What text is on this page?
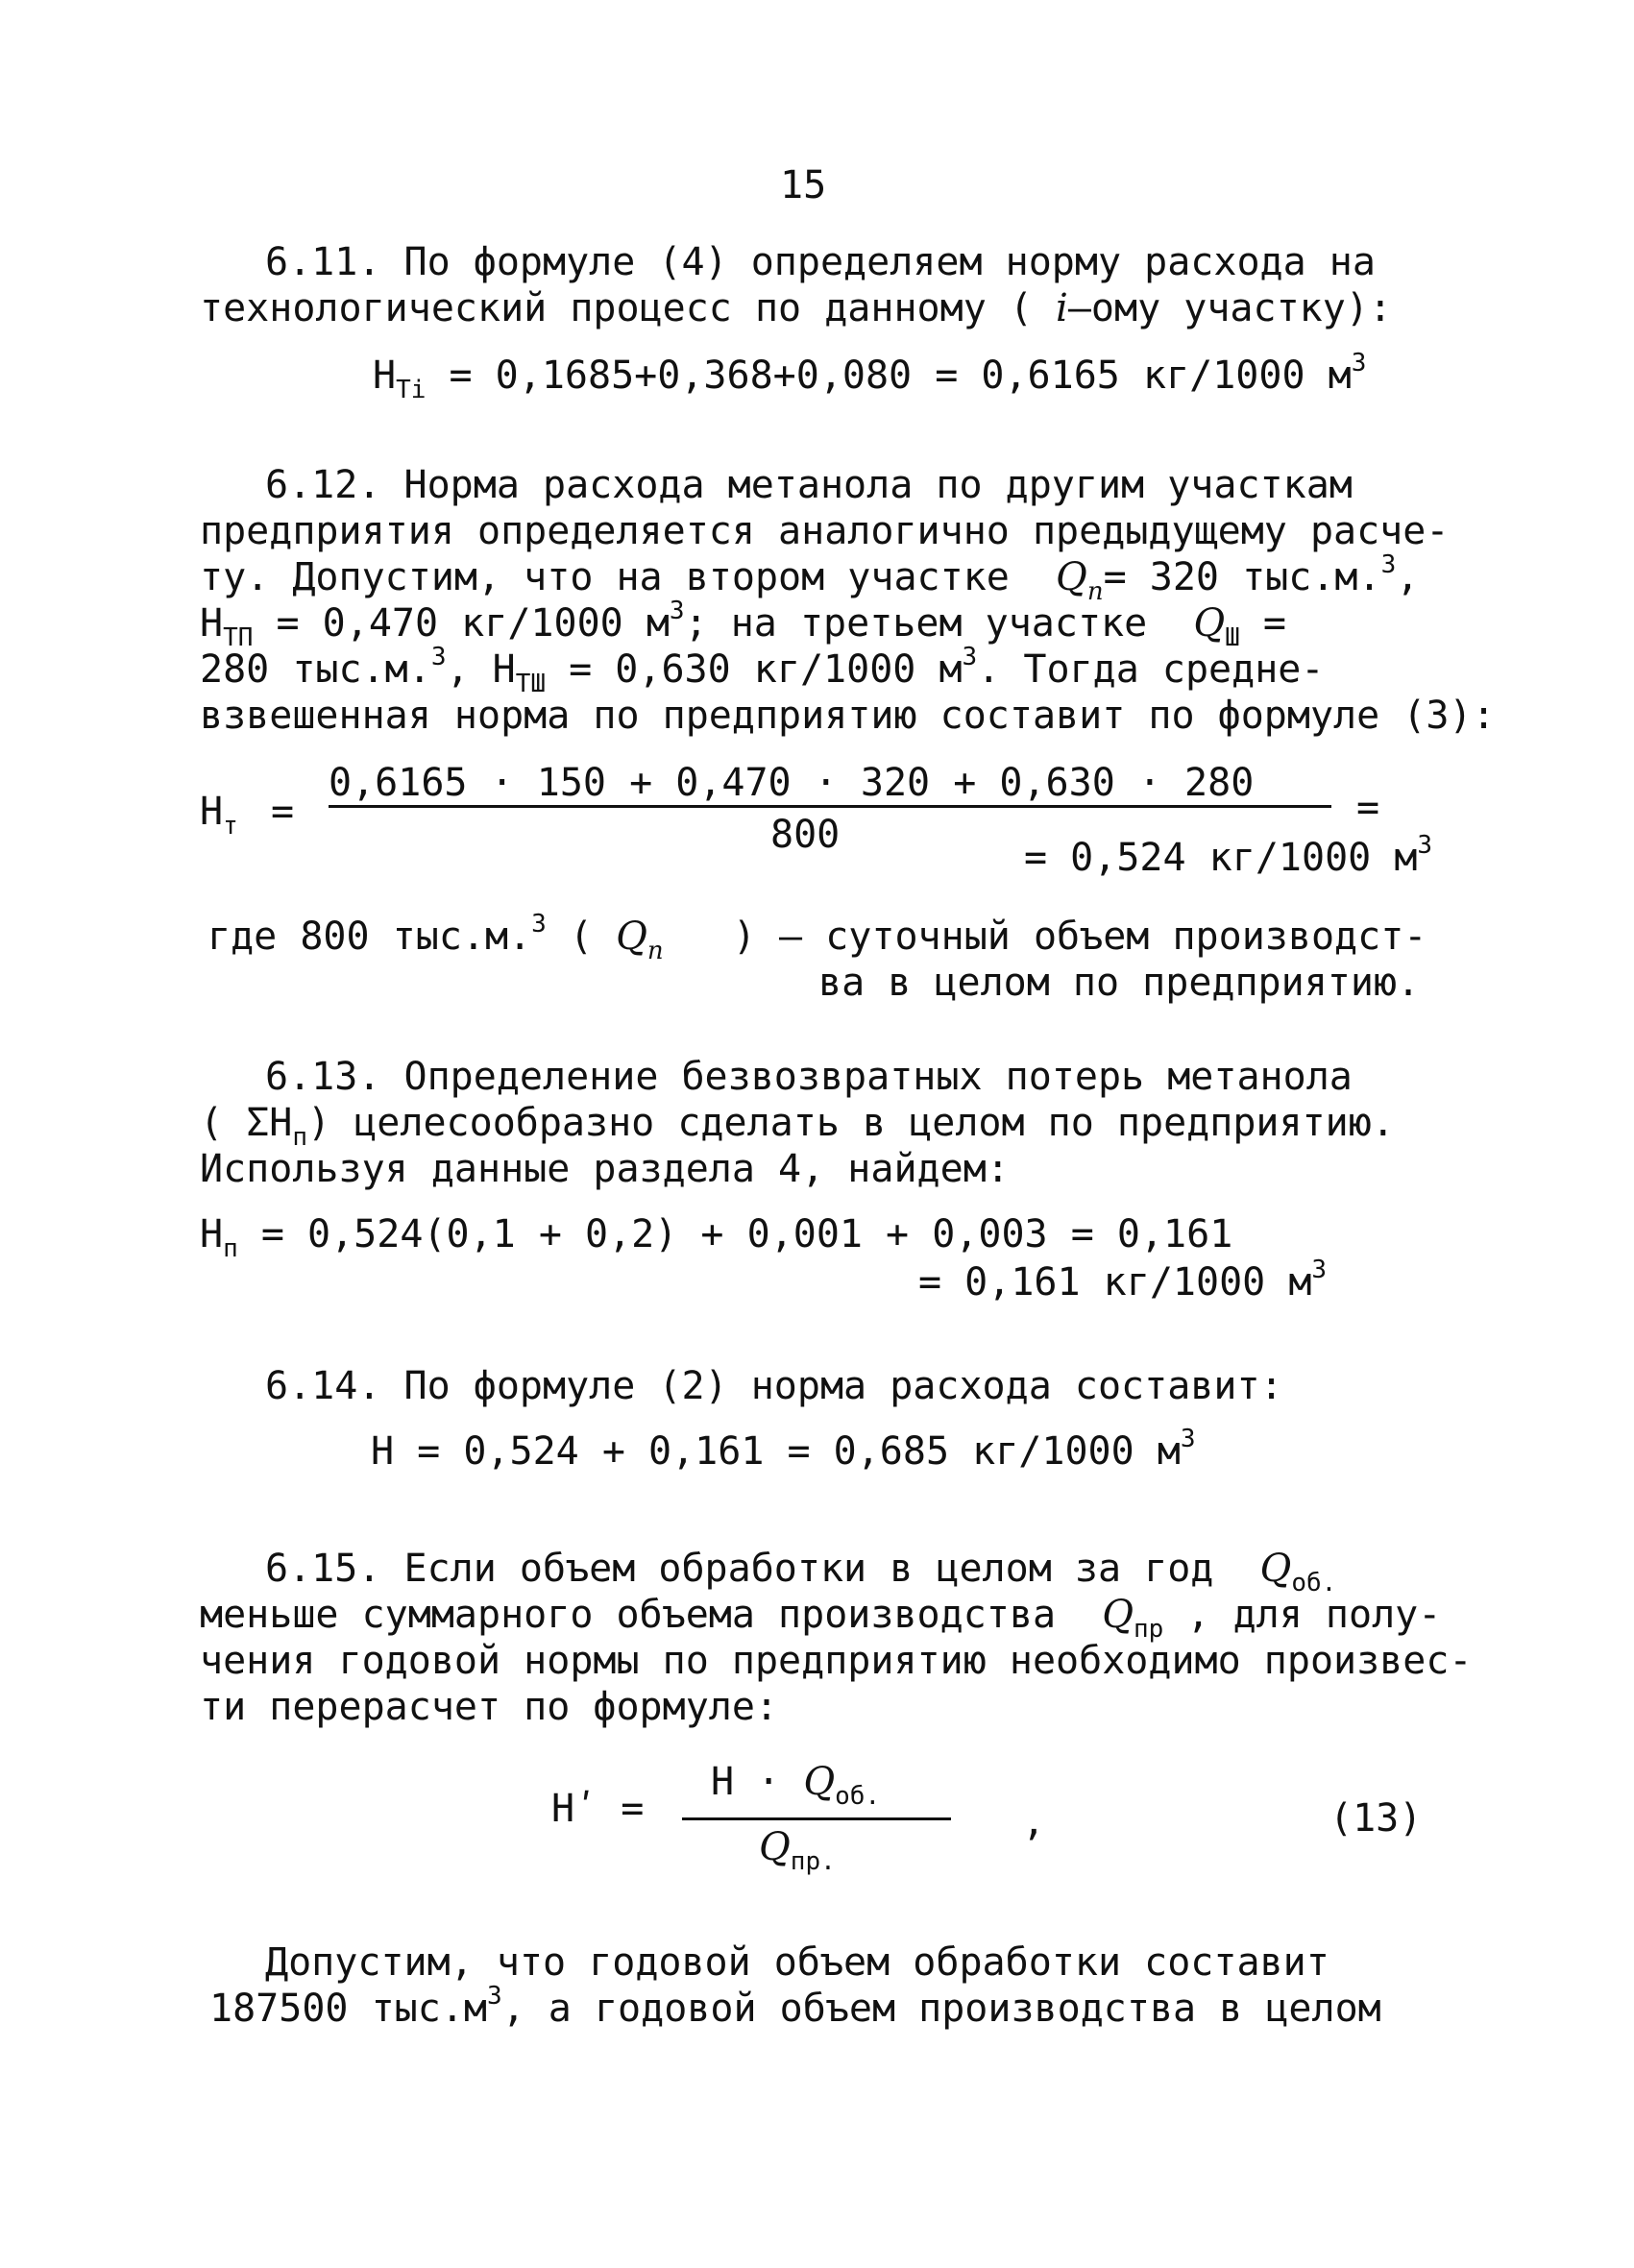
15
6.11. По формуле (4) определяем норму расхода на
технологический процесс по данному ( i–ому участку):
$H_{Ti} = 0,1685+0,368+0,080 = 0,6165$ кг/1000 $м^3$
6.12. Норма расхода метанола по другим участкам
предприятия определяется аналогично предыдущему расче-
ту. Допустим, что на втором участке $Q_п= 320$ тыс.м.$^3$,
$H_{ТП} = 0,470$ кг/1000 $м^3$; на третьем участке $Q_Ш$ =
280 тыс.м.$^3$, $H_{ТШ} = 0,630$ кг/1000 $м^3$. Тогда средне-
взвешенная норма по предприятию составит по формуле (3):
$H_т$ =
0,6165 · 150 + 0,470 · 320 + 0,630 · 280
800
=
= 0,524 кг/1000 $м^3$
где 800 тыс.м.$^3$ ( $Q_п$ ) – суточный объем производст-
ва в целом по предприятию.
6.13. Определение безвозвратных потерь метанола
( $\Sigma H_п$) целесообразно сделать в целом по предприятию.
Используя данные раздела 4, найдем:
$H_п = 0,524(0,1 + 0,2) + 0,001 + 0,003 = 0,161$
= 0,161 кг/1000 $м^3$
6.14. По формуле (2) норма расхода составит:
H = 0,524 + 0,161 = 0,685 кг/1000 $м^3$
6.15. Если объем обработки в целом за год $Q_{об.}$
меньше суммарного объема производства $Q_{пр}$ , для полу-
чения годовой нормы по предприятию необходимо произвес-
ти перерасчет по формуле:
Hʹ =
$H \cdot Q_{об.}$
$Q_{пр.}$
,	(13)
Допустим, что годовой объем обработки составит
187500 $тыс.м^3$, а годовой объем производства в целом
